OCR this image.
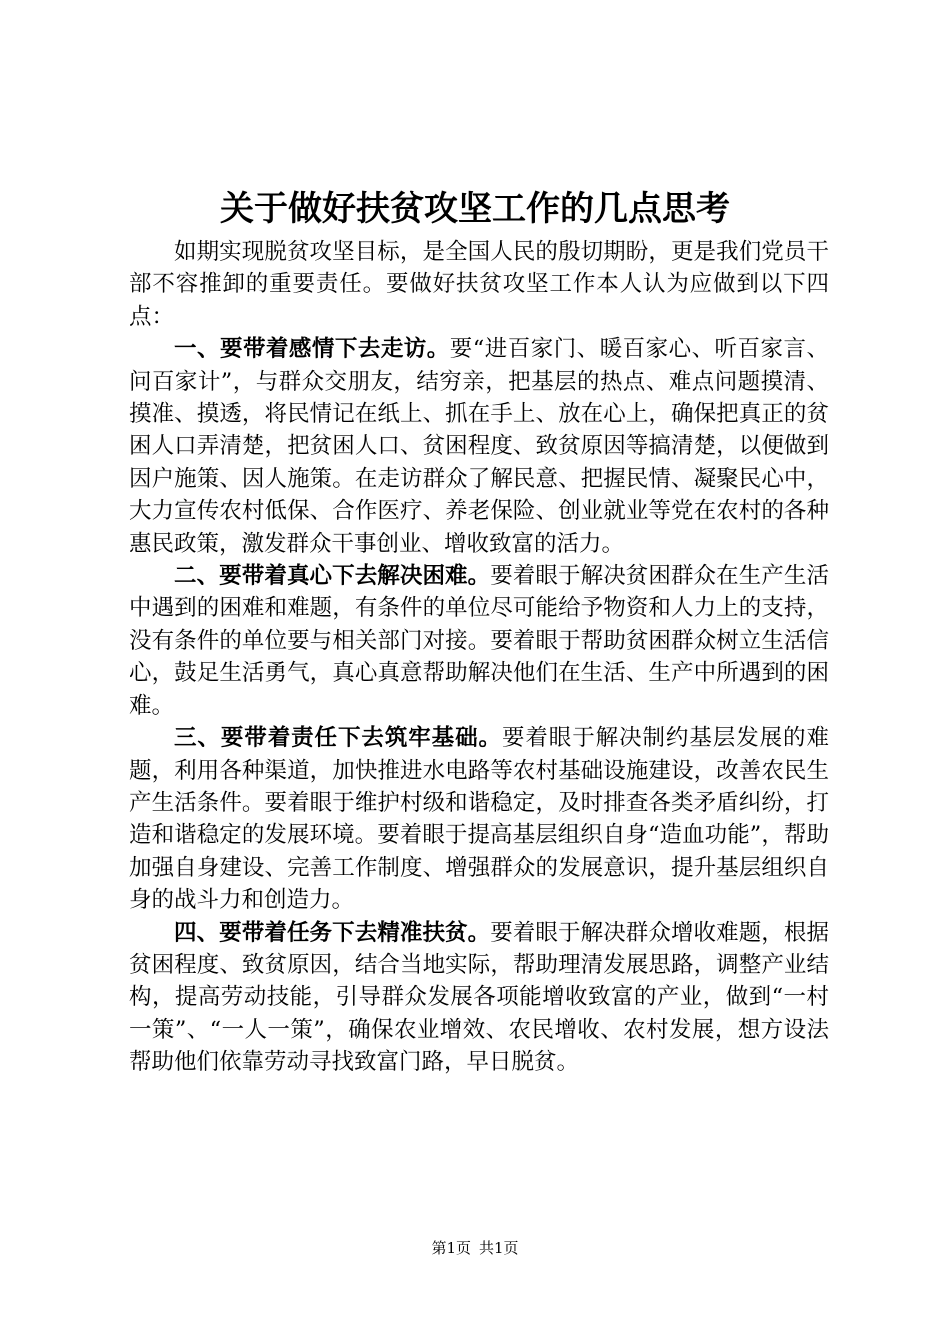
关于做好扶贫攻坚工作的几点思考

如期实现脱贫攻坚目标，是全国人民的殷切期盼，更是我们党员干部不容推卸的重要责任。要做好扶贫攻坚工作本人认为应做到以下四点：

一、要带着感情下去走访。要“进百家门、暖百家心、听百家言、问百家计”，与群众交朋友，结穷亲，把基层的热点、难点问题摸清、摸准、摸透，将民情记在纸上、抓在手上、放在心上，确保把真正的贫困人口弄清楚，把贫困人口、贫困程度、致贫原因等搞清楚，以便做到因户施策、因人施策。在走访群众了解民意、把握民情、凝聚民心中，大力宣传农村低保、合作医疗、养老保险、创业就业等党在农村的各种惠民政策，激发群众干事创业、增收致富的活力。

二、要带着真心下去解决困难。要着眼于解决贫困群众在生产生活中遇到的困难和难题，有条件的单位尽可能给予物资和人力上的支持，没有条件的单位要与相关部门对接。要着眼于帮助贫困群众树立生活信心，鼓足生活勇气，真心真意帮助解决他们在生活、生产中所遇到的困难。

三、要带着责任下去筑牢基础。要着眼于解决制约基层发展的难题，利用各种渠道，加快推进水电路等农村基础设施建设，改善农民生产生活条件。要着眼于维护村级和谐稳定，及时排查各类矛盾纠纷，打造和谐稳定的发展环境。要着眼于提高基层组织自身“造血功能”，帮助加强自身建设、完善工作制度、增强群众的发展意识，提升基层组织自身的战斗力和创造力。

四、要带着任务下去精准扶贫。要着眼于解决群众增收难题，根据贫困程度、致贫原因，结合当地实际，帮助理清发展思路，调整产业结构，提高劳动技能，引导群众发展各项能增收致富的产业，做到“一村一策”、“一人一策”，确保农业增效、农民增收、农村发展，想方设法帮助他们依靠劳动寻找致富门路，早日脱贫。

第1页 共1页
